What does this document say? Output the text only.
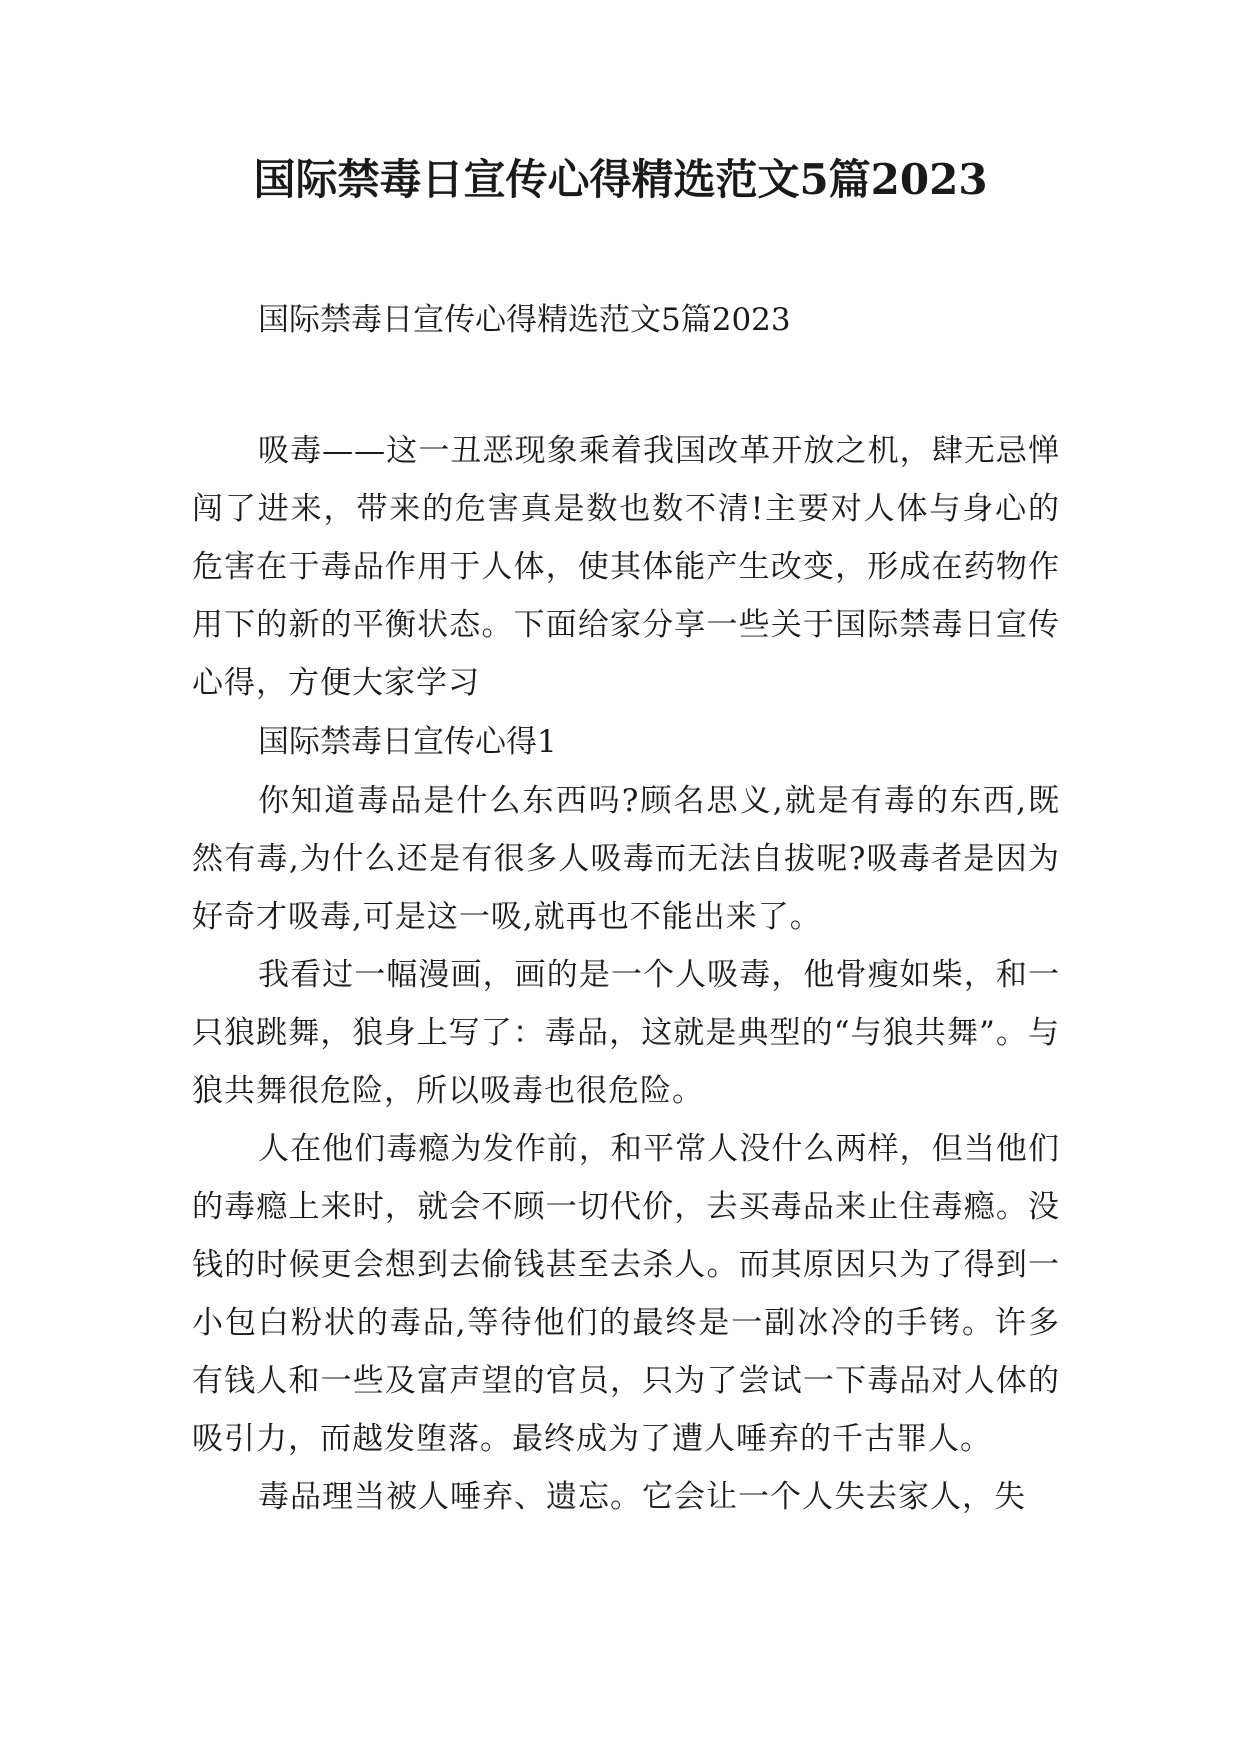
国际禁毒日宣传心得精选范文5篇2023

国际禁毒日宣传心得精选范文5篇2023

吸毒——这一丑恶现象乘着我国改革开放之机，肆无忌惮闯了进来，带来的危害真是数也数不清!主要对人体与身心的危害在于毒品作用于人体，使其体能产生改变，形成在药物作用下的新的平衡状态。下面给家分享一些关于国际禁毒日宣传心得，方便大家学习

国际禁毒日宣传心得1

你知道毒品是什么东西吗?顾名思义,就是有毒的东西,既然有毒,为什么还是有很多人吸毒而无法自拔呢?吸毒者是因为好奇才吸毒,可是这一吸,就再也不能出来了。

我看过一幅漫画，画的是一个人吸毒，他骨瘦如柴，和一只狼跳舞，狼身上写了：毒品，这就是典型的“与狼共舞”。与狼共舞很危险，所以吸毒也很危险。

人在他们毒瘾为发作前，和平常人没什么两样，但当他们的毒瘾上来时，就会不顾一切代价，去买毒品来止住毒瘾。没钱的时候更会想到去偷钱甚至去杀人。而其原因只为了得到一小包白粉状的毒品,等待他们的最终是一副冰冷的手铐。许多有钱人和一些及富声望的官员，只为了尝试一下毒品对人体的吸引力，而越发堕落。最终成为了遭人唾弃的千古罪人。

毒品理当被人唾弃、遗忘。它会让一个人失去家人，失
